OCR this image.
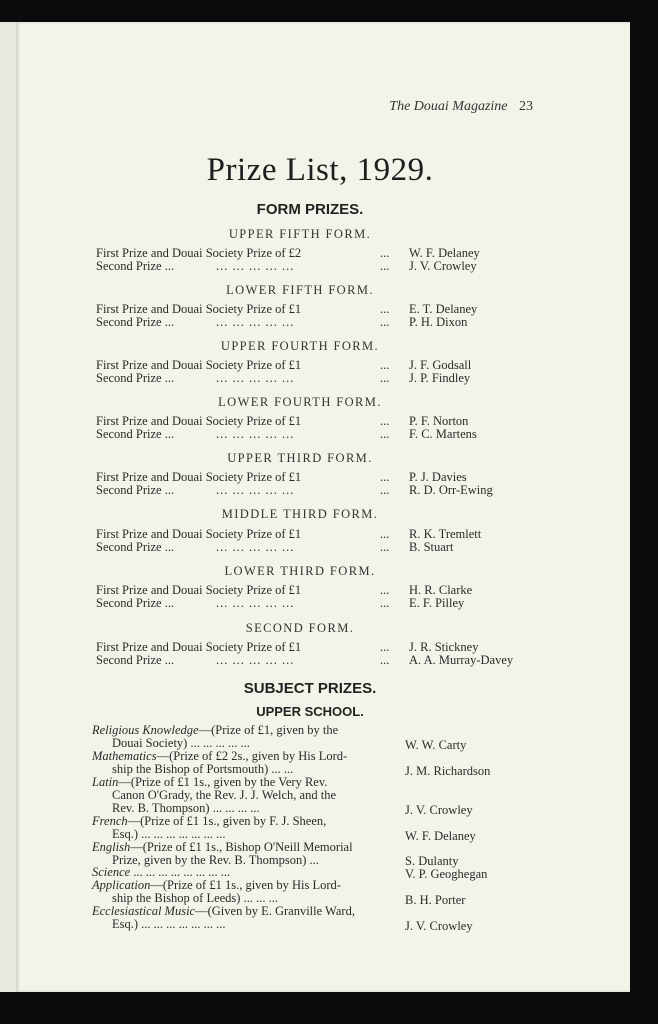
The Douai Magazine 23
Prize List, 1929.
FORM PRIZES.
UPPER FIFTH FORM.
First Prize and Douai Society Prize of £2	... W. F. Delaney
Second Prize ...	... ... ... ... ...	... J. V. Crowley
LOWER FIFTH FORM.
First Prize and Douai Society Prize of £1	... E. T. Delaney
Second Prize ...	... ... ... ... ...	... P. H. Dixon
UPPER FOURTH FORM.
First Prize and Douai Society Prize of £1	... J. F. Godsall
Second Prize ...	... ... ... ... ...	... J. P. Findley
LOWER FOURTH FORM.
First Prize and Douai Society Prize of £1	... P. F. Norton
Second Prize ...	... ... ... ... ...	... F. C. Martens
UPPER THIRD FORM.
First Prize and Douai Society Prize of £1	... P. J. Davies
Second Prize ...	... ... ... ... ...	... R. D. Orr-Ewing
MIDDLE THIRD FORM.
First Prize and Douai Society Prize of £1	... R. K. Tremlett
Second Prize ...	... ... ... ... ...	... B. Stuart
LOWER THIRD FORM.
First Prize and Douai Society Prize of £1	... H. R. Clarke
Second Prize ...	... ... ... ... ...	... E. F. Pilley
SECOND FORM.
First Prize and Douai Society Prize of £1	... J. R. Stickney
Second Prize ...	... ... ... ... ...	... A. A. Murray-Davey
SUBJECT PRIZES.
UPPER SCHOOL.
Religious Knowledge—(Prize of £1, given by the
Douai Society) ... ... ... ... ...	W. W. Carty
Mathematics—(Prize of £2 2s., given by His Lord-
ship the Bishop of Portsmouth) ... ...	J. M. Richardson
Latin—(Prize of £1 1s., given by the Very Rev.
Canon O'Grady, the Rev. J. J. Welch, and the
Rev. B. Thompson) ... ... ... ...	J. V. Crowley
French—(Prize of £1 1s., given by F. J. Sheen,
Esq.) ... ... ... ... ... ... ...	W. F. Delaney
English—(Prize of £1 1s., Bishop O'Neill Memorial
Prize, given by the Rev. B. Thompson) ...	S. Dulanty
Science ... ... ... ... ... ... ... ...	V. P. Geoghegan
Application—(Prize of £1 1s., given by His Lord-
ship the Bishop of Leeds) ... ... ...	B. H. Porter
Ecclesiastical Music—(Given by E. Granville Ward,
Esq.) ... ... ... ... ... ... ...	J. V. Crowley
